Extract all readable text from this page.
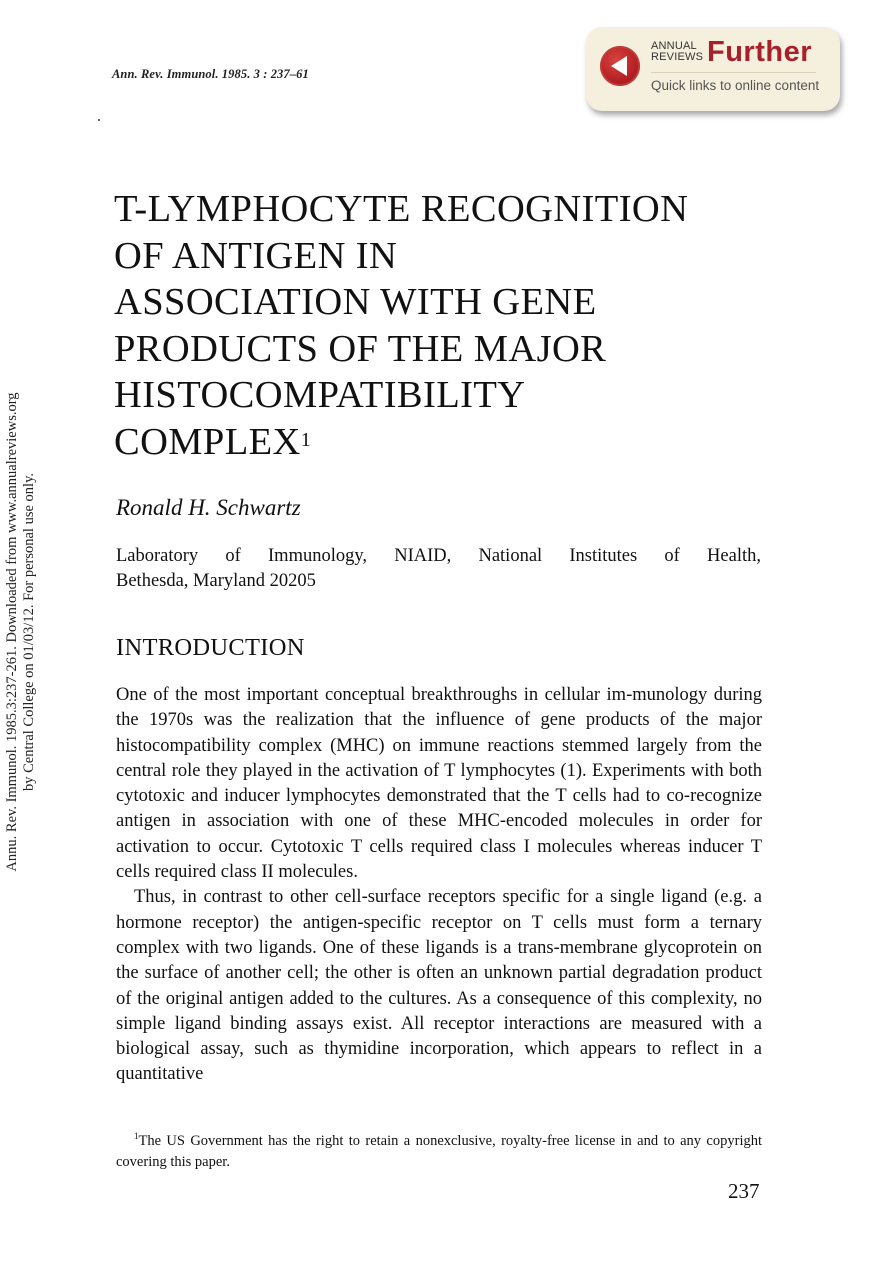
Ann. Rev. Immunol. 1985. 3 : 237–61
ANNUAL
REVIEWS Further
Quick links to online content
Annu. Rev. Immunol. 1985.3:237-261. Downloaded from www.annualreviews.org by Central College on 01/03/12. For personal use only.
T-LYMPHOCYTE RECOGNITION
OF ANTIGEN IN
ASSOCIATION WITH GENE
PRODUCTS OF THE MAJOR
HISTOCOMPATIBILITY
COMPLEX$^1$
Ronald H. Schwartz
Laboratory of Immunology, NIAID, National Institutes of Health,
Bethesda, Maryland 20205
INTRODUCTION

One of the most important conceptual breakthroughs in cellular im-munology during the 1970s was the realization that the influence of gene products of the major histocompatibility complex (MHC) on immune reactions stemmed largely from the central role they played in the activation of T lymphocytes (1). Experiments with both cytotoxic and inducer lymphocytes demonstrated that the T cells had to co-recognize antigen in association with one of these MHC-encoded molecules in order for activation to occur. Cytotoxic T cells required class I molecules whereas inducer T cells required class II molecules.

Thus, in contrast to other cell-surface receptors specific for a single ligand (e.g. a hormone receptor) the antigen-specific receptor on T cells must form a ternary complex with two ligands. One of these ligands is a trans-membrane glycoprotein on the surface of another cell; the other is often an unknown partial degradation product of the original antigen added to the cultures. As a consequence of this complexity, no simple ligand binding assays exist. All receptor interactions are measured with a biological assay, such as thymidine incorporation, which appears to reflect in a quantitative

$^1$The US Government has the right to retain a nonexclusive, royalty-free license in and to any copyright covering this paper.
237
